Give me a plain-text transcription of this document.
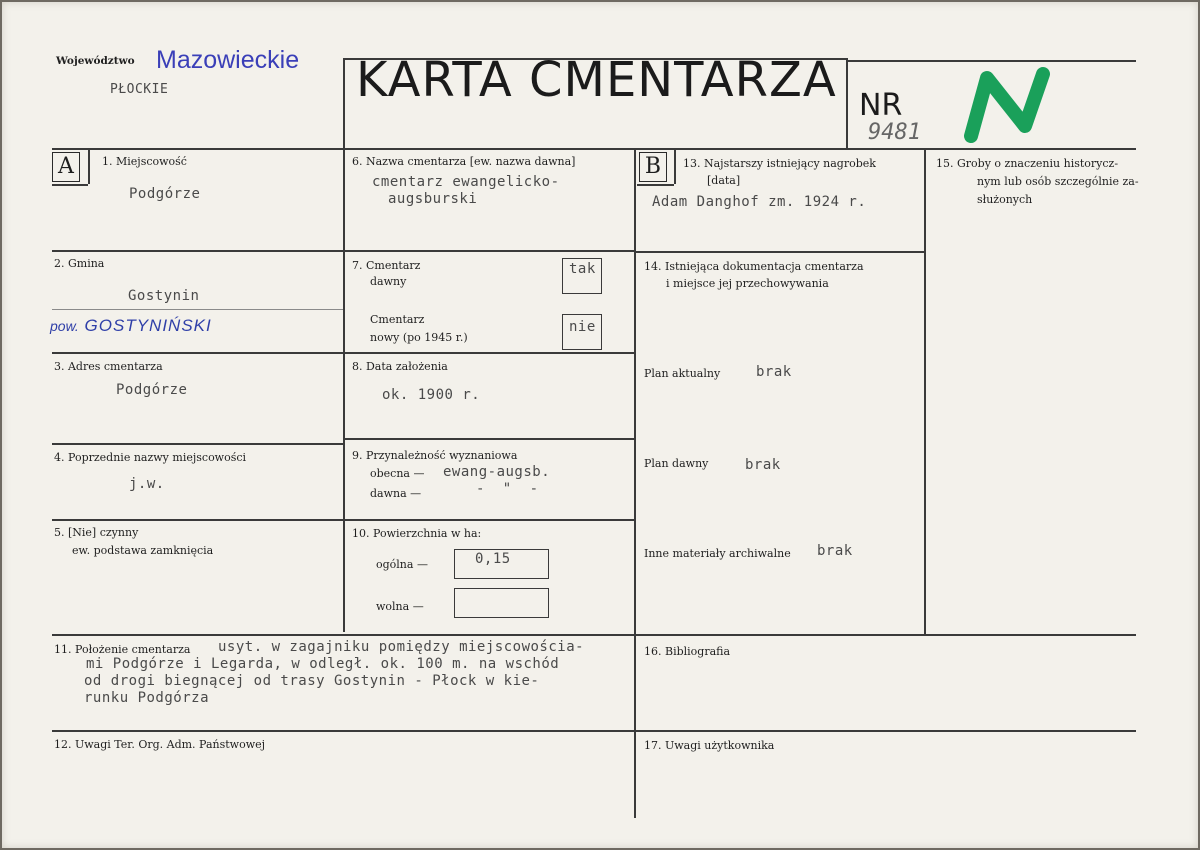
Województwo Mazowieckie
PŁOCKIE	KARTA CMENTARZA NR
9481
A	1. Miejscowość
Podgórze
2. Gmina
Gostynin
pow. GOSTYNIŃSKI
3. Adres cmentarza
Podgórze
4. Poprzednie nazwy miejscowości
j.w.
5. [Nie] czynny
ew. podstawa zamknięcia
6. Nazwa cmentarza [ew. nazwa dawna]
cmentarz ewangelicko-
augsburski
7. Cmentarz
dawny
tak
Cmentarz
nowy (po 1945 r.)
nie
8. Data założenia
ok. 1900 r.
9. Przynależność wyznaniowa
obecna — ewang-augsb.
dawna —	-  "  -
10. Powierzchnia w ha:
ogólna —	0,15
wolna —
B	13. Najstarszy istniejący nagrobek
[data]
Adam Danghof zm. 1924 r.
14. Istniejąca dokumentacja cmentarza
i miejsce jej przechowywania
Plan aktualny	brak
Plan dawny	brak
Inne materiały archiwalne brak
15. Groby o znaczeniu historycz-
nym lub osób szczególnie za-
służonych
11. Położenie cmentarza usyt. w zagajniku pomiędzy miejscowościa-
mi Podgórze i Legarda, w odległ. ok. 100 m. na wschód
od drogi biegnącej od trasy Gostynin - Płock w kie-
runku Podgórza
16. Bibliografia
12. Uwagi Ter. Org. Adm. Państwowej	17. Uwagi użytkownika
